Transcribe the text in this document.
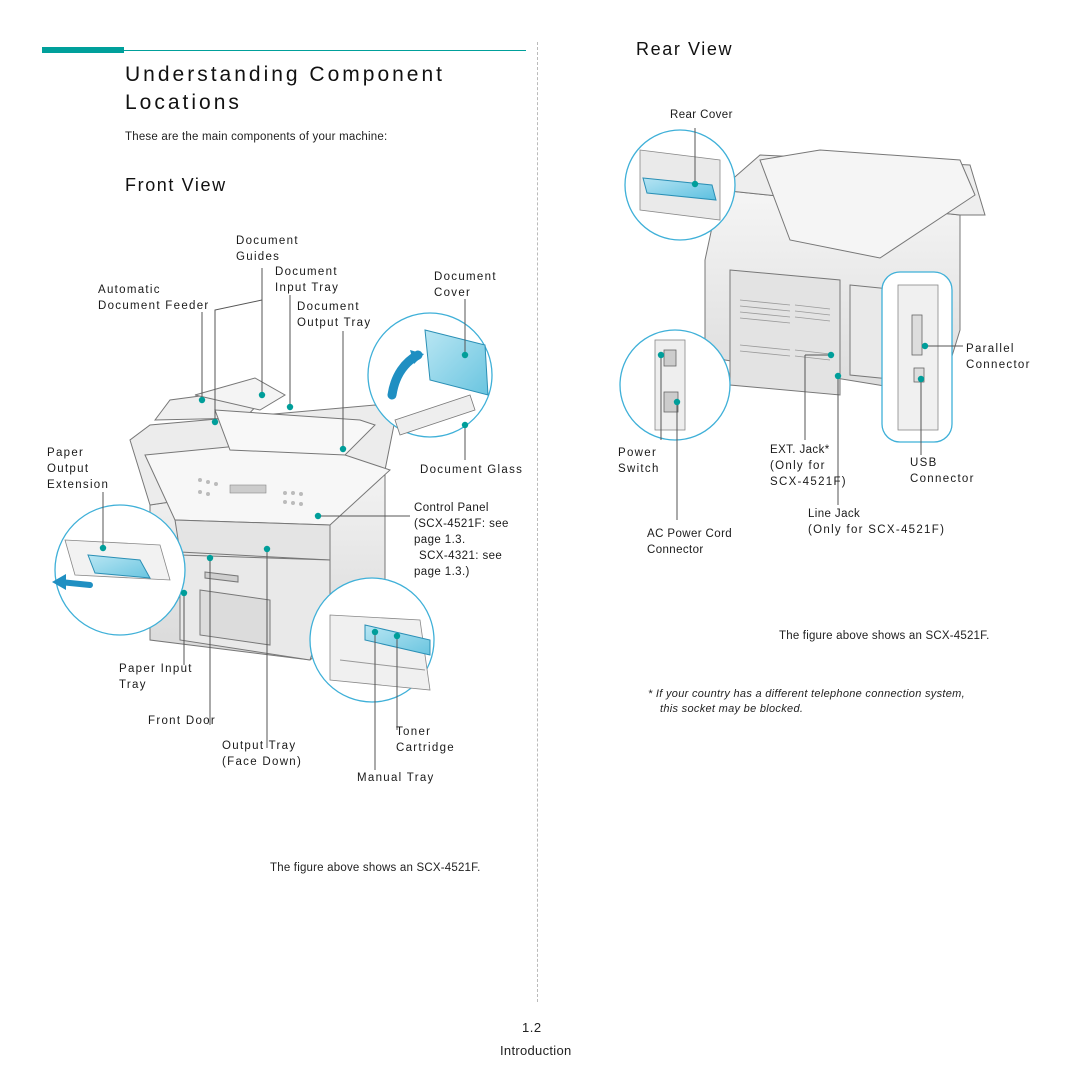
Understanding Component
Locations
These are the main components of your machine:
Front View
Rear View
Document
Guides
Automatic
Document Feeder
Document
Input Tray
Document
Cover
Document
Output Tray
Paper
Output
Extension
Document Glass
Control Panel
(SCX-4521F: see
page 1.3.
SCX-4321: see
page 1.3.)
Paper Input
Tray
Front Door
Output Tray
(Face Down)
Toner
Cartridge
Manual Tray
The figure above shows an SCX-4521F.
Rear Cover
Parallel
Connector
Power
Switch
EXT. Jack*
(Only for
SCX-4521F)
USB
Connector
Line Jack
(Only for SCX-4521F)
AC Power Cord
Connector
The figure above shows an SCX-4521F.
* If your country has a different telephone connection system,
this socket may be blocked.
1.2
Introduction
